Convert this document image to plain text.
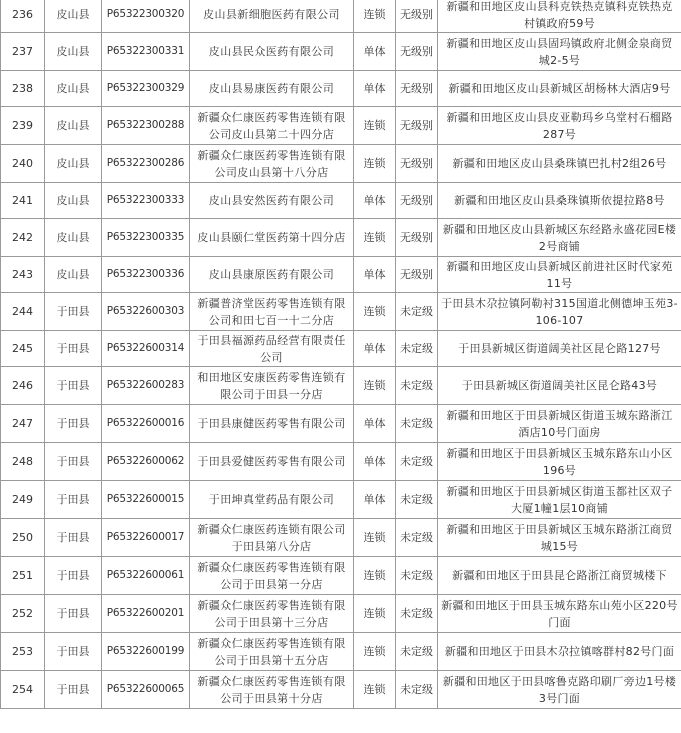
236	皮山县	P65322300320	皮山县新细胞医药有限公司	连锁	无级别	新疆和田地区皮山县科克铁热克镇科克铁热克村镇政府59号
237	皮山县	P65322300331	皮山县民众医药有限公司	单体	无级别	新疆和田地区皮山县固玛镇政府北侧金泉商贸城2-5号
238	皮山县	P65322300329	皮山县易康医药有限公司	单体	无级别	新疆和田地区皮山县新城区胡杨林大酒店9号
239	皮山县	P65322300288	新疆众仁康医药零售连锁有限公司皮山县第二十四分店	连锁	无级别	新疆和田地区皮山县皮亚勒玛乡乌堂村石榴路287号
240	皮山县	P65322300286	新疆众仁康医药零售连锁有限公司皮山县第十八分店	连锁	无级别	新疆和田地区皮山县桑珠镇巴扎村2组26号
241	皮山县	P65322300333	皮山县安然医药有限公司	单体	无级别	新疆和田地区皮山县桑珠镇斯依提拉路8号
242	皮山县	P65322300335	皮山县颐仁堂医药第十四分店	连锁	无级别	新疆和田地区皮山县新城区东经路永盛花园E楼2号商铺
243	皮山县	P65322300336	皮山县康原医药有限公司	单体	无级别	新疆和田地区皮山县新城区前进社区时代家苑11号
244	于田县	P65322600303	新疆普济堂医药零售连锁有限公司和田七百一十二分店	连锁	未定级	于田县木尕拉镇阿勒衬315国道北侧德坤玉苑3-106-107
245	于田县	P65322600314	于田县福源药品经营有限责任公司	单体	未定级	于田县新城区街道阔美社区昆仑路127号
246	于田县	P65322600283	和田地区安康医药零售连锁有限公司于田县一分店	连锁	未定级	于田县新城区街道阔美社区昆仑路43号
247	于田县	P65322600016	于田县康健医药零售有限公司	单体	未定级	新疆和田地区于田县新城区街道玉城东路浙江酒店10号门面房
248	于田县	P65322600062	于田县爱健医药零售有限公司	单体	未定级	新疆和田地区于田县新城区玉城东路东山小区196号
249	于田县	P65322600015	于田坤真堂药品有限公司	单体	未定级	新疆和田地区于田县新城区街道玉都社区双子大厦1幢1层10商铺
250	于田县	P65322600017	新疆众仁康医药连锁有限公司于田县第八分店	连锁	未定级	新疆和田地区于田县新城区玉城东路浙江商贸城15号
251	于田县	P65322600061	新疆众仁康医药零售连锁有限公司于田县第一分店	连锁	未定级	新疆和田地区于田县昆仑路浙江商贸城楼下
252	于田县	P65322600201	新疆众仁康医药零售连锁有限公司于田县第十三分店	连锁	未定级	新疆和田地区于田县玉城东路东山苑小区220号门面
253	于田县	P65322600199	新疆众仁康医药零售连锁有限公司于田县第十五分店	连锁	未定级	新疆和田地区于田县木尕拉镇喀群村82号门面
254	于田县	P65322600065	新疆众仁康医药零售连锁有限公司于田县第十分店	连锁	未定级	新疆和田地区于田县喀鲁克路印刷厂旁边1号楼3号门面
